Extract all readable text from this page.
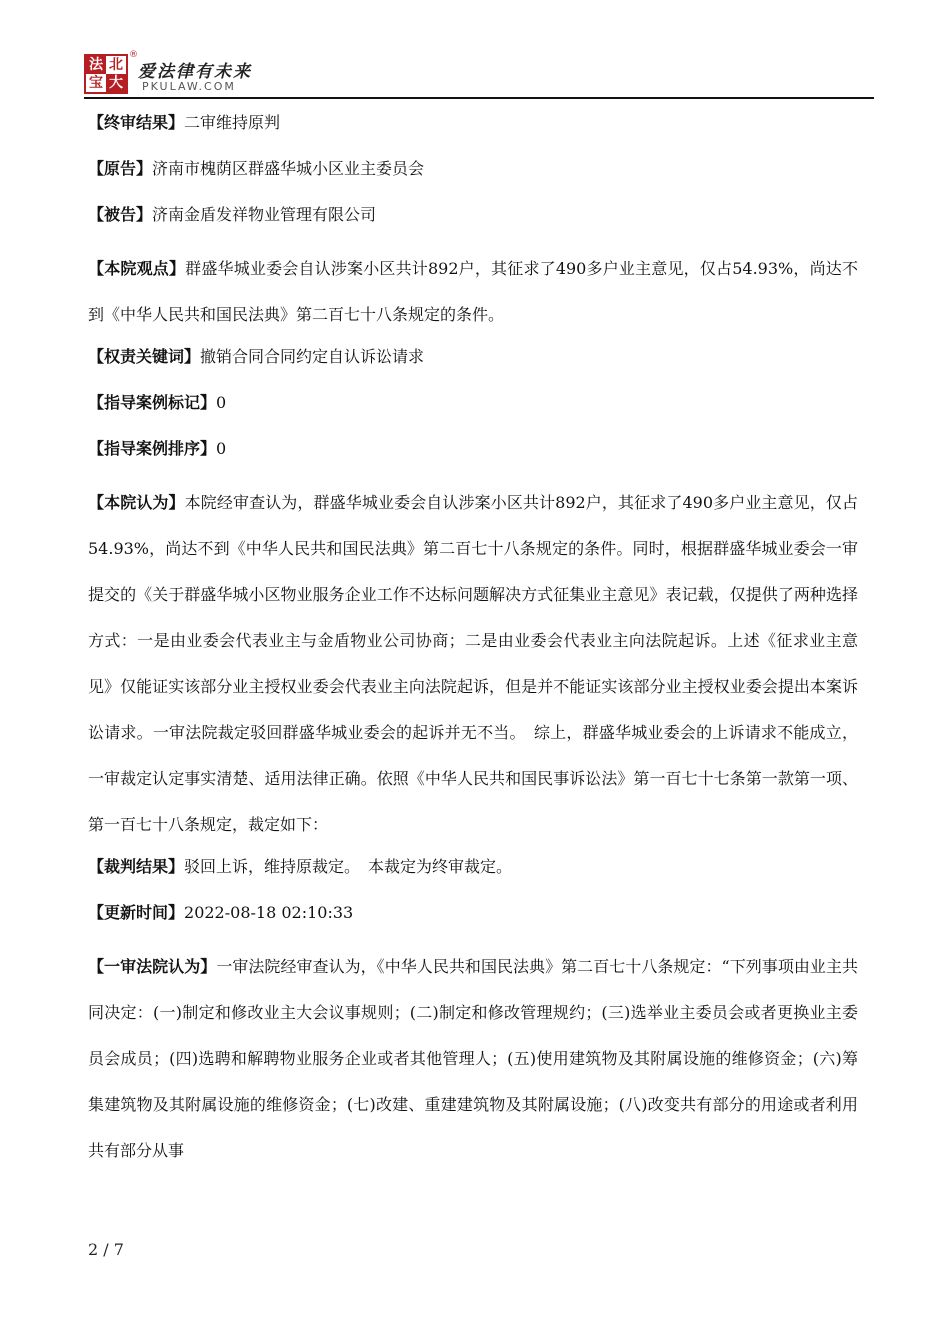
法 北
宝 大
®
爱法律有未来
PKULAW.COM

【终审结果】二审维持原判

【原告】济南市槐荫区群盛华城小区业主委员会

【被告】济南金盾发祥物业管理有限公司

【本院观点】群盛华城业委会自认涉案小区共计892户，其征求了490多户业主意见，仅占54.93%，尚达不到《中华人民共和国民法典》第二百七十八条规定的条件。

【权责关键词】撤销合同合同约定自认诉讼请求

【指导案例标记】0

【指导案例排序】0

【本院认为】本院经审查认为，群盛华城业委会自认涉案小区共计892户，其征求了490多户业主意见，仅占54.93%，尚达不到《中华人民共和国民法典》第二百七十八条规定的条件。同时，根据群盛华城业委会一审提交的《关于群盛华城小区物业服务企业工作不达标问题解决方式征集业主意见》表记载，仅提供了两种选择方式：一是由业委会代表业主与金盾物业公司协商；二是由业委会代表业主向法院起诉。上述《征求业主意见》仅能证实该部分业主授权业委会代表业主向法院起诉，但是并不能证实该部分业主授权业委会提出本案诉讼请求。一审法院裁定驳回群盛华城业委会的起诉并无不当。　综上，群盛华城业委会的上诉请求不能成立，一审裁定认定事实清楚、适用法律正确。依照《中华人民共和国民事诉讼法》第一百七十七条第一款第一项、第一百七十八条规定，裁定如下：

【裁判结果】驳回上诉，维持原裁定。　本裁定为终审裁定。

【更新时间】2022-08-18 02:10:33

【一审法院认为】一审法院经审查认为，《中华人民共和国民法典》第二百七十八条规定：“下列事项由业主共同决定：(一)制定和修改业主大会议事规则；(二)制定和修改管理规约；(三)选举业主委员会或者更换业主委员会成员；(四)选聘和解聘物业服务企业或者其他管理人；(五)使用建筑物及其附属设施的维修资金；(六)筹集建筑物及其附属设施的维修资金；(七)改建、重建建筑物及其附属设施；(八)改变共有部分的用途或者利用共有部分从事

2 / 7
